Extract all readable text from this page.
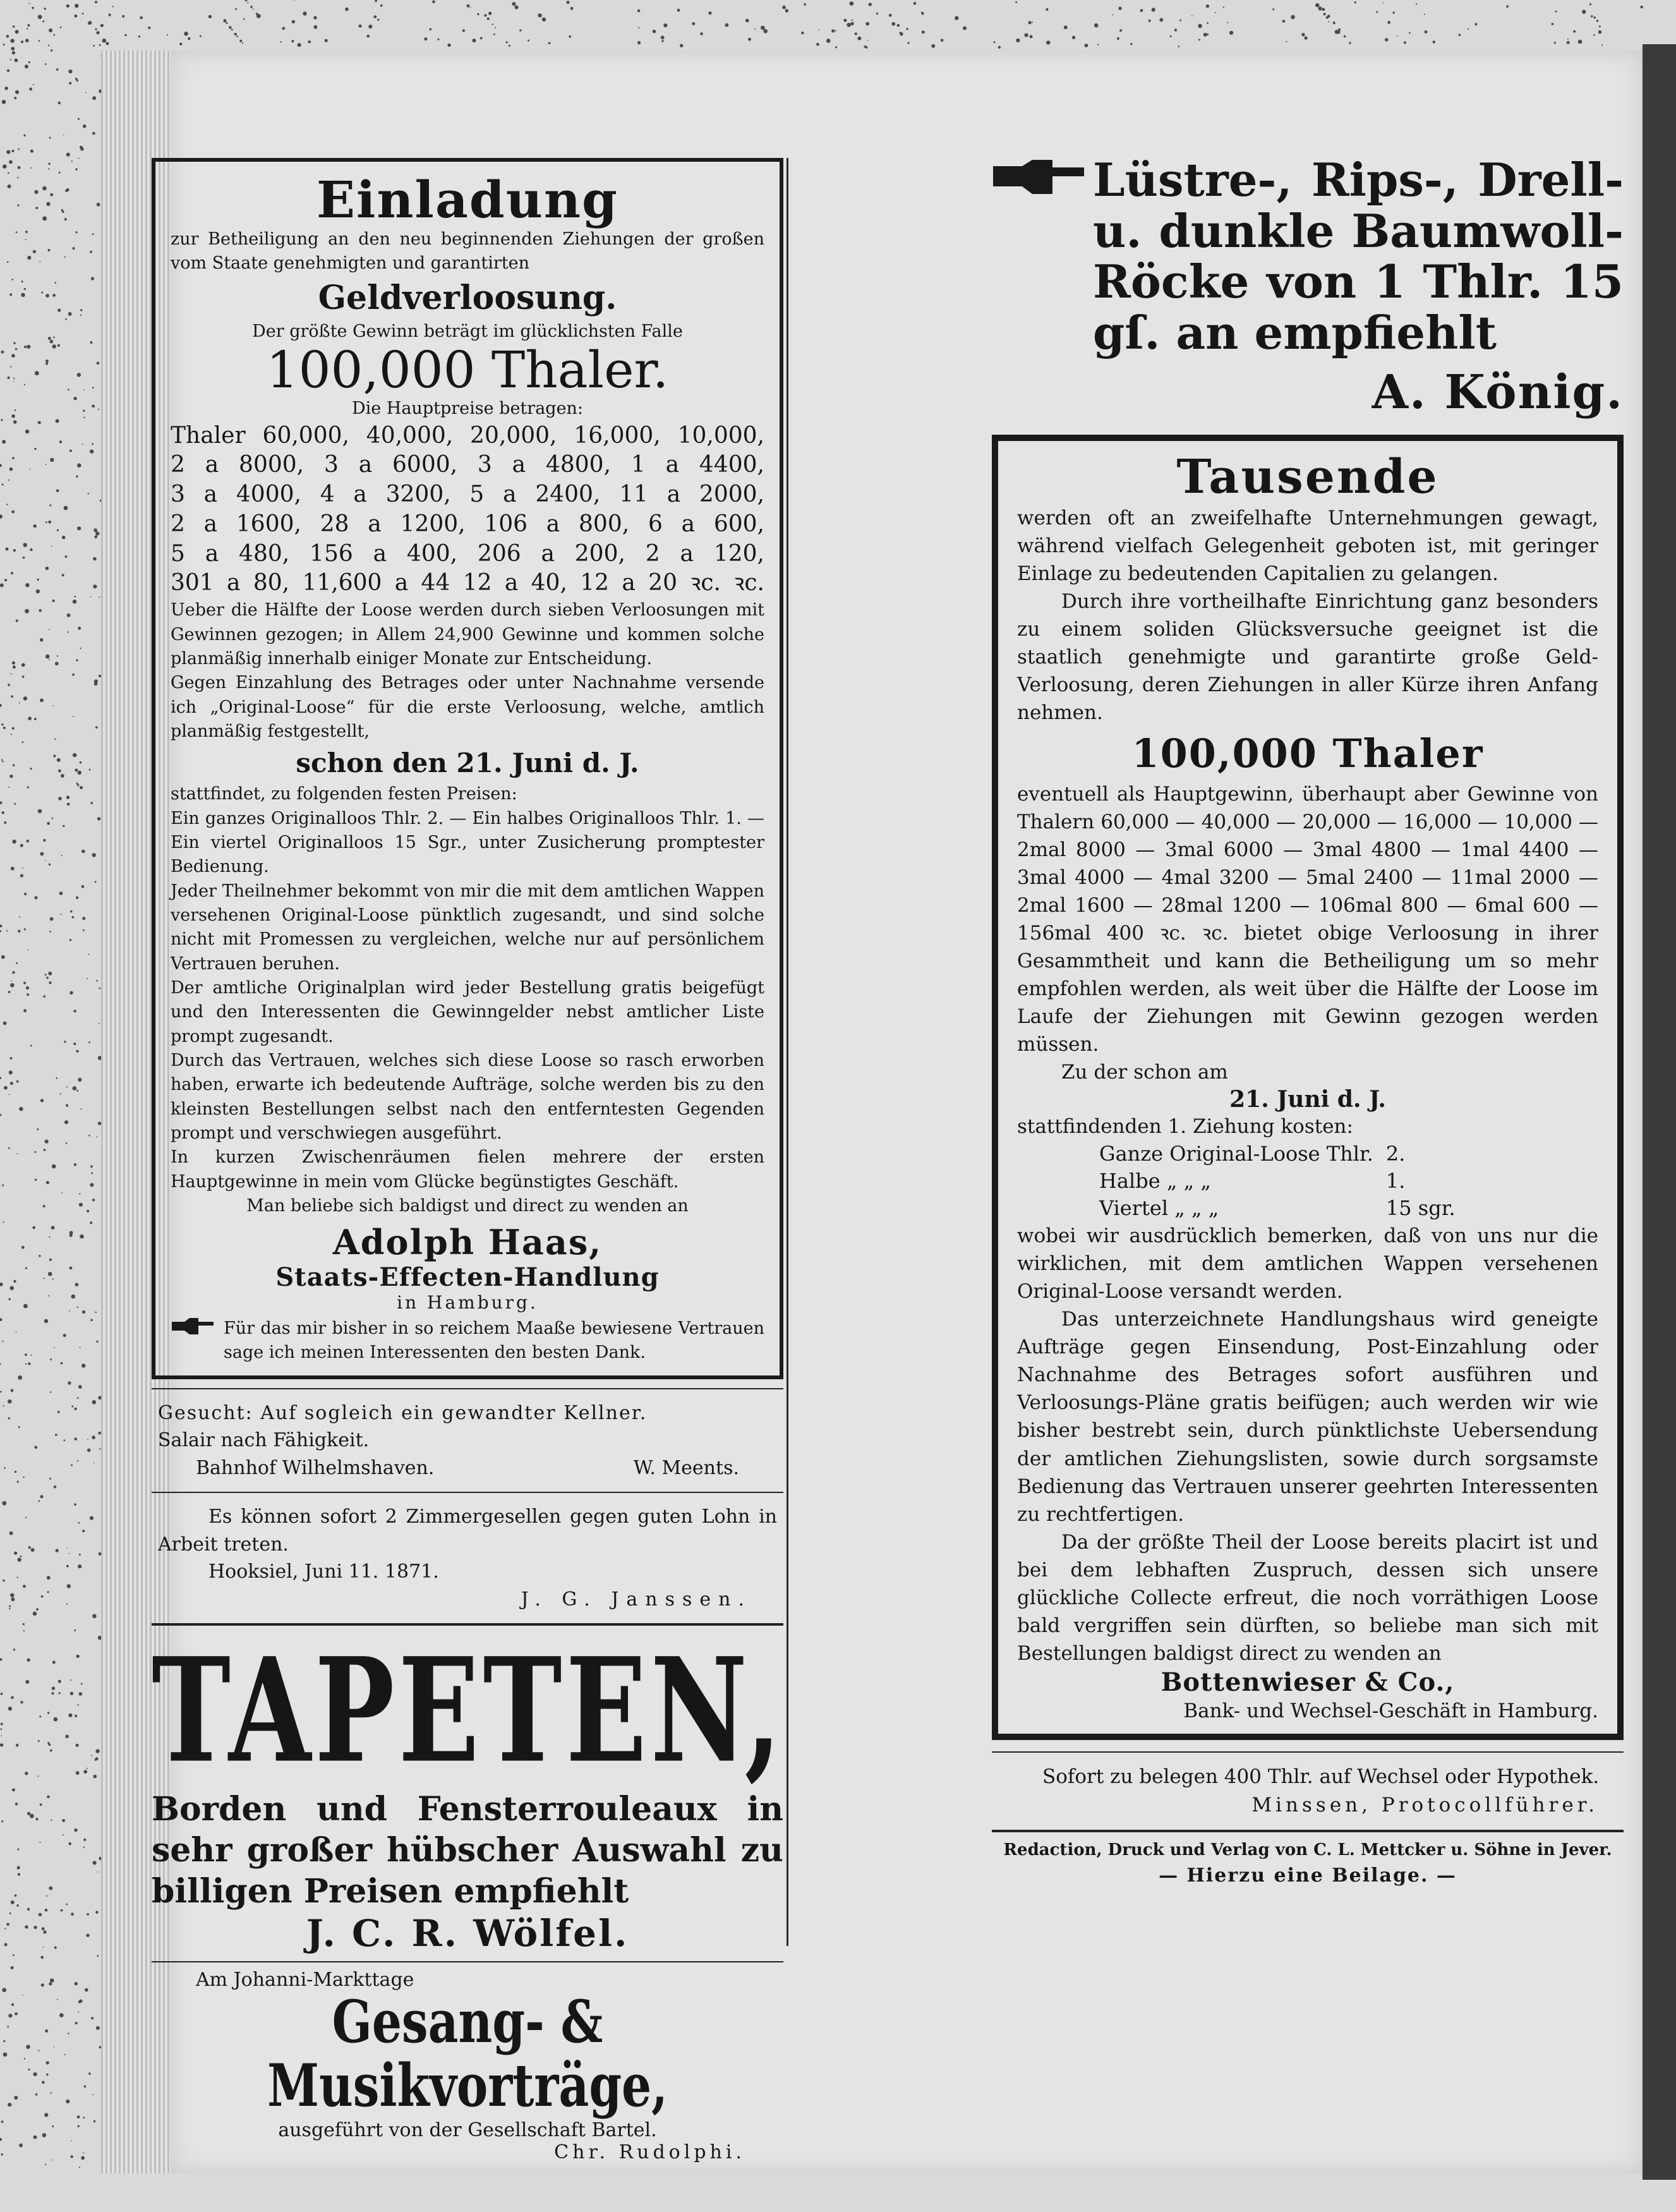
Einladung

zur Betheiligung an den neu beginnenden Ziehungen der großen vom Staate genehmigten und garantirten

Geldverloosung.

Der größte Gewinn beträgt im glücklichsten Falle

100,000 Thaler.

Die Hauptpreise betragen:

Thaler 60,000, 40,000, 20,000, 16,000, 10,000,
2 a 8000, 3 a 6000, 3 a 4800, 1 a 4400,
3 a 4000, 4 a 3200, 5 a 2400, 11 a 2000,
2 a 1600, 28 a 1200, 106 a 800, 6 a 600,
5 a 480, 156 a 400, 206 a 200, 2 a 120,
301 a 80, 11,600 a 44 12 a 40, 12 a 20 ꝛc. ꝛc.

Ueber die Hälfte der Loose werden durch sieben Verloosungen mit Gewinnen gezogen; in Allem 24,900 Gewinne und kommen solche planmäßig innerhalb einiger Monate zur Entscheidung.

Gegen Einzahlung des Betrages oder unter Nachnahme versende ich „Original-Loose“ für die erste Verloosung, welche, amtlich planmäßig festgestellt,

schon den 21. Juni d. J.

stattfindet, zu folgenden festen Preisen:

Ein ganzes Originalloos Thlr. 2. — Ein halbes Originalloos Thlr. 1. — Ein viertel Originalloos 15 Sgr., unter Zusicherung promptester Bedienung.

Jeder Theilnehmer bekommt von mir die mit dem amtlichen Wappen versehenen Original-Loose pünktlich zugesandt, und sind solche nicht mit Promessen zu vergleichen, welche nur auf persönlichem Vertrauen beruhen.

Der amtliche Originalplan wird jeder Bestellung gratis beigefügt und den Interessenten die Gewinngelder nebst amtlicher Liste prompt zugesandt.

Durch das Vertrauen, welches sich diese Loose so rasch erworben haben, erwarte ich bedeutende Aufträge, solche werden bis zu den kleinsten Bestellungen selbst nach den entferntesten Gegenden prompt und verschwiegen ausgeführt.

In kurzen Zwischenräumen fielen mehrere der ersten Hauptgewinne in mein vom Glücke begünstigtes Geschäft.

Man beliebe sich baldigst und direct zu wenden an

Adolph Haas,
Staats-Effecten-Handlung
in Hamburg.

Für das mir bisher in so reichem Maaße bewiesene Vertrauen sage ich meinen Interessenten den besten Dank.

Gesucht: Auf sogleich ein gewandter Kellner.

Salair nach Fähigkeit.

Bahnhof Wilhelmshaven.	W. Meents.

Es können sofort 2 Zimmergesellen gegen guten Lohn in Arbeit treten.

Hooksiel, Juni 11. 1871.

J. G. Janssen.

TAPETEN,

Borden und Fensterrouleaux in sehr großer hübscher Auswahl zu billigen Preisen empfiehlt

J. C. R. Wölfel.

Am Johanni-Markttage

Gesang- & Musikvorträge,

ausgeführt von der Gesellschaft Bartel.

Chr. Rudolphi.

Lüstre-, Rips-, Drell- u. dunkle Baumwoll-Röcke von 1 Thlr. 15 gſ. an empfiehlt

A. König.
Tausende

werden oft an zweifelhafte Unternehmungen gewagt, während vielfach Gelegenheit geboten ist, mit geringer Einlage zu bedeutenden Capitalien zu gelangen.

Durch ihre vortheilhafte Einrichtung ganz besonders zu einem soliden Glücksversuche geeignet ist die staatlich genehmigte und garantirte große Geld-Verloosung, deren Ziehungen in aller Kürze ihren Anfang nehmen.

100,000 Thaler

eventuell als Hauptgewinn, überhaupt aber Gewinne von Thalern 60,000 — 40,000 — 20,000 — 16,000 — 10,000 — 2mal 8000 — 3mal 6000 — 3mal 4800 — 1mal 4400 — 3mal 4000 — 4mal 3200 — 5mal 2400 — 11mal 2000 — 2mal 1600 — 28mal 1200 — 106mal 800 — 6mal 600 — 156mal 400 ꝛc. ꝛc. bietet obige Verloosung in ihrer Gesammtheit und kann die Betheiligung um so mehr empfohlen werden, als weit über die Hälfte der Loose im Laufe der Ziehungen mit Gewinn gezogen werden müssen.

Zu der schon am

21. Juni d. J.

stattfindenden 1. Ziehung kosten:

Ganze Original-Loose Thlr.	2.
Halbe „ „ „	1.
Viertel „ „ „	15 sgr.

wobei wir ausdrücklich bemerken, daß von uns nur die wirklichen, mit dem amtlichen Wappen versehenen Original-Loose versandt werden.

Das unterzeichnete Handlungshaus wird geneigte Aufträge gegen Einsendung, Post-Einzahlung oder Nachnahme des Betrages sofort ausführen und Verloosungs-Pläne gratis beifügen; auch werden wir wie bisher bestrebt sein, durch pünktlichste Uebersendung der amtlichen Ziehungslisten, sowie durch sorgsamste Bedienung das Vertrauen unserer geehrten Interessenten zu rechtfertigen.

Da der größte Theil der Loose bereits placirt ist und bei dem lebhaften Zuspruch, dessen sich unsere glückliche Collecte erfreut, die noch vorräthigen Loose bald vergriffen sein dürften, so beliebe man sich mit Bestellungen baldigst direct zu wenden an

Bottenwieser & Co.,

Bank- und Wechsel-Geschäft in Hamburg.

Sofort zu belegen 400 Thlr. auf Wechsel oder Hypothek.

Minssen, Protocollführer.

Redaction, Druck und Verlag von C. L. Mettcker u. Söhne in Jever.

— Hierzu eine Beilage. —
